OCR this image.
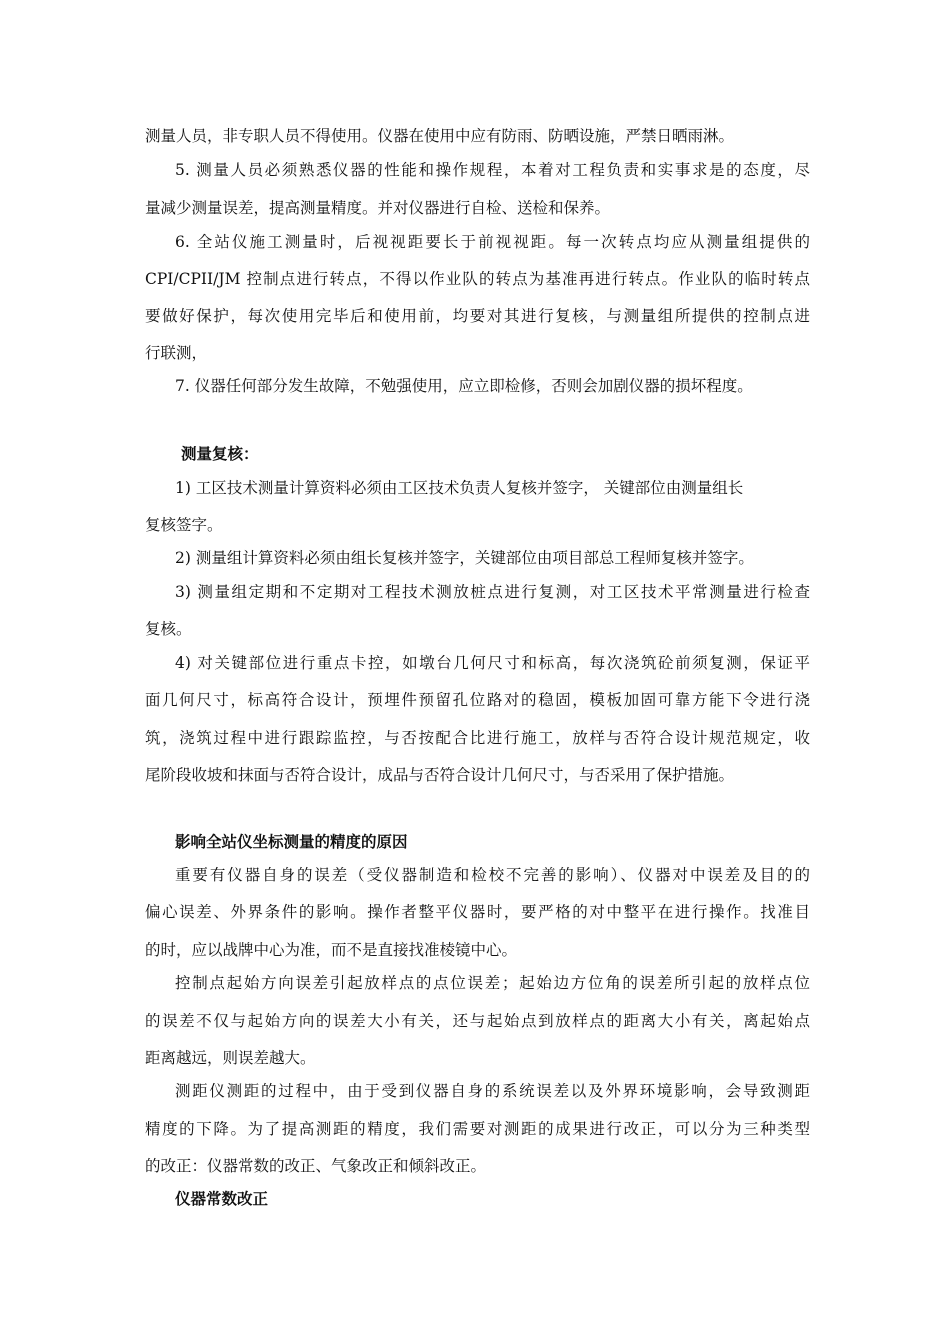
测量人员，非专职人员不得使用。仪器在使用中应有防雨、防晒设施，严禁日晒雨淋。
5. 测量人员必须熟悉仪器的性能和操作规程，本着对工程负责和实事求是的态度，尽
量减少测量误差，提高测量精度。并对仪器进行自检、送检和保养。
6. 全站仪施工测量时，后视视距要长于前视视距。每一次转点均应从测量组提供的
CPI/CPII/JM 控制点进行转点，不得以作业队的转点为基准再进行转点。作业队的临时转点
要做好保护，每次使用完毕后和使用前，均要对其进行复核，与测量组所提供的控制点进
行联测，
7. 仪器任何部分发生故障，不勉强使用，应立即检修，否则会加剧仪器的损坏程度。
测量复核：
1) 工区技术测量计算资料必须由工区技术负责人复核并签字， 关键部位由测量组长
复核签字。
2) 测量组计算资料必须由组长复核并签字，关键部位由项目部总工程师复核并签字。
3) 测量组定期和不定期对工程技术测放桩点进行复测，对工区技术平常测量进行检查
复核。
4) 对关键部位进行重点卡控，如墩台几何尺寸和标高，每次浇筑砼前须复测，保证平
面几何尺寸，标高符合设计，预埋件预留孔位路对的稳固，模板加固可靠方能下令进行浇
筑，浇筑过程中进行跟踪监控，与否按配合比进行施工，放样与否符合设计规范规定，收
尾阶段收坡和抹面与否符合设计，成品与否符合设计几何尺寸，与否采用了保护措施。
影响全站仪坐标测量的精度的原因
重要有仪器自身的误差（受仪器制造和检校不完善的影响）、仪器对中误差及目的的
偏心误差、外界条件的影响。操作者整平仪器时，要严格的对中整平在进行操作。找准目
的时，应以战牌中心为准，而不是直接找准棱镜中心。
控制点起始方向误差引起放样点的点位误差；起始边方位角的误差所引起的放样点位
的误差不仅与起始方向的误差大小有关，还与起始点到放样点的距离大小有关，离起始点
距离越远，则误差越大。
测距仪测距的过程中，由于受到仪器自身的系统误差以及外界环境影响，会导致测距
精度的下降。为了提高测距的精度，我们需要对测距的成果进行改正，可以分为三种类型
的改正：仪器常数的改正、气象改正和倾斜改正。
仪器常数改正
